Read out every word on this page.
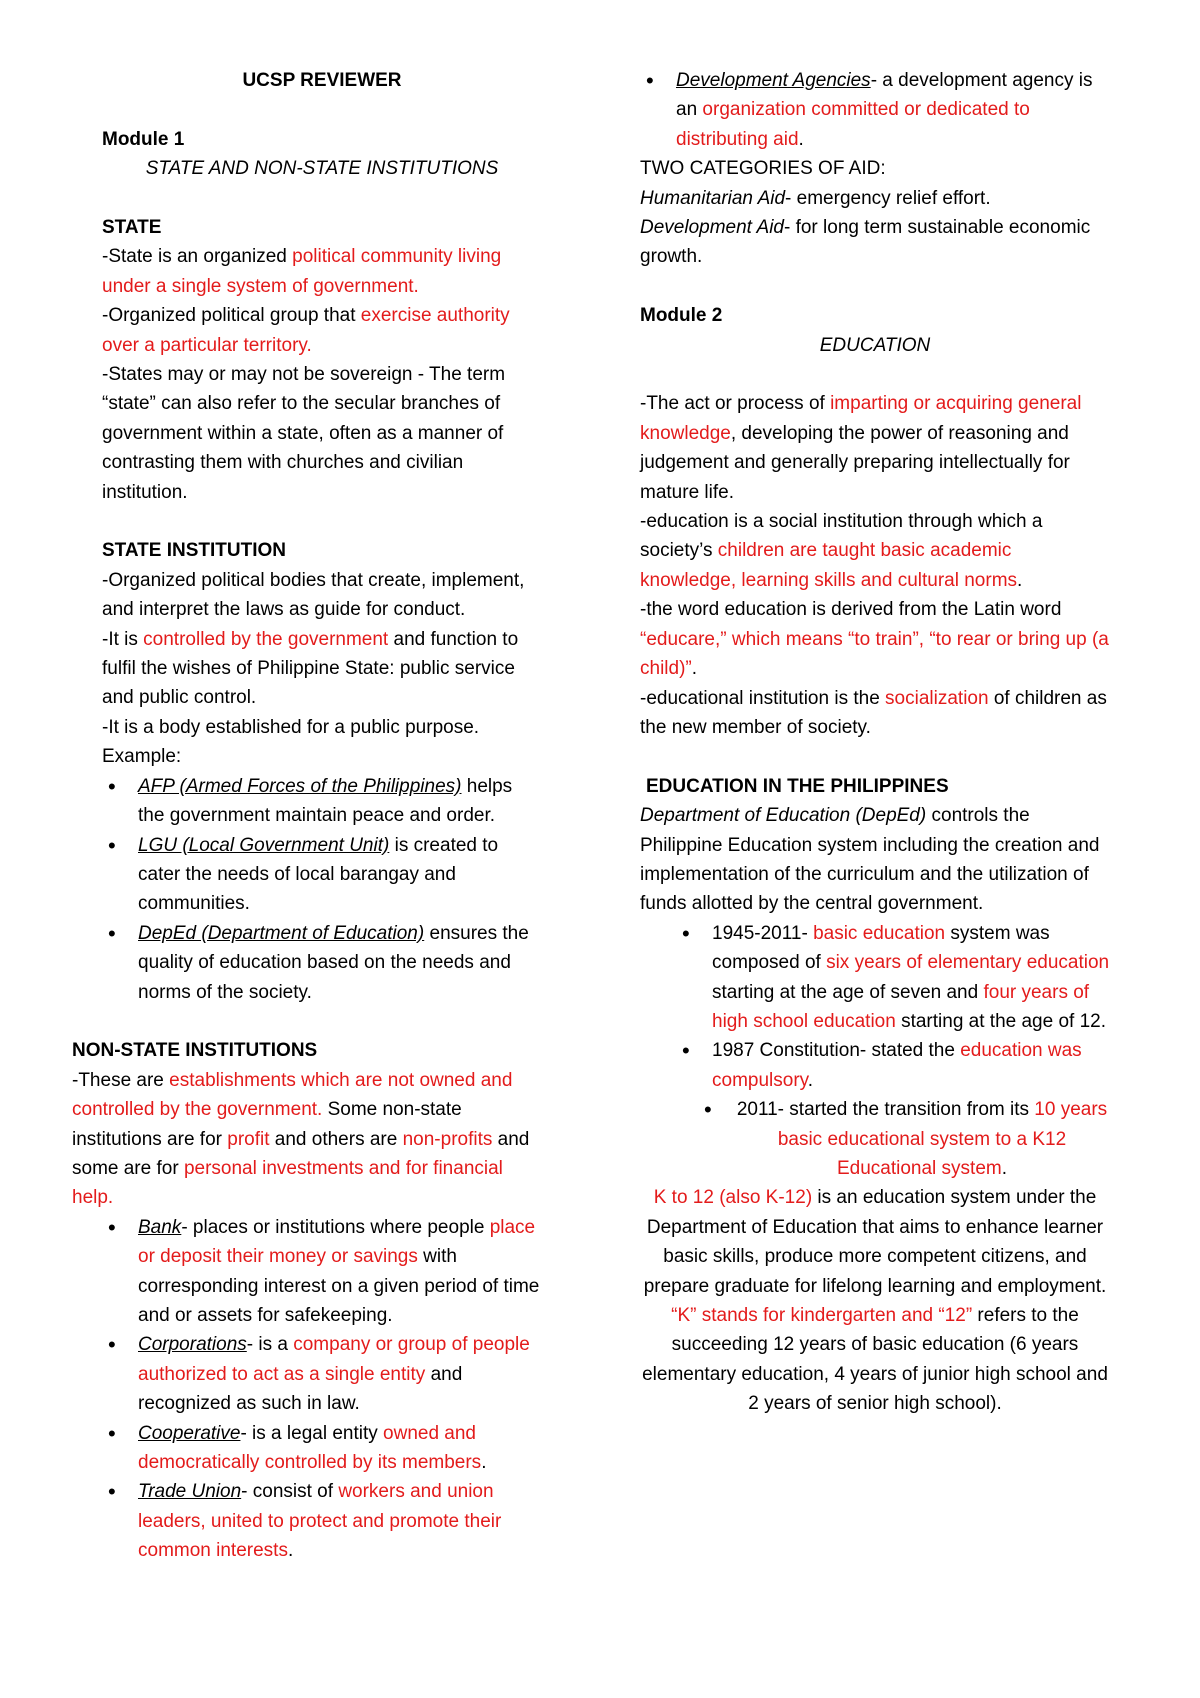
UCSP REVIEWER

Module 1

STATE AND NON-STATE INSTITUTIONS

STATE

-State is an organized political community living under a single system of government.

-Organized political group that exercise authority over a particular territory.

-States may or may not be sovereign - The term “state” can also refer to the secular branches of government within a state, often as a manner of contrasting them with churches and civilian institution.

STATE INSTITUTION

-Organized political bodies that create, implement, and interpret the laws as guide for conduct.

-It is controlled by the government and function to fulfil the wishes of Philippine State: public service and public control.

-It is a body established for a public purpose.

Example:

• AFP (Armed Forces of the Philippines) helps the government maintain peace and order.
• LGU (Local Government Unit) is created to cater the needs of local barangay and communities.
• DepEd (Department of Education) ensures the quality of education based on the needs and norms of the society.

NON-STATE INSTITUTIONS

-These are establishments which are not owned and controlled by the government. Some non-state institutions are for profit and others are non-profits and some are for personal investments and for financial help.

• Bank- places or institutions where people place or deposit their money or savings with corresponding interest on a given period of time and or assets for safekeeping.
• Corporations- is a company or group of people authorized to act as a single entity and recognized as such in law.
• Cooperative- is a legal entity owned and democratically controlled by its members.
• Trade Union- consist of workers and union leaders, united to protect and promote their common interests.
• Development Agencies- a development agency is an organization committed or dedicated to distributing aid.

TWO CATEGORIES OF AID:

Humanitarian Aid- emergency relief effort.

Development Aid- for long term sustainable economic growth.

Module 2

EDUCATION

-The act or process of imparting or acquiring general knowledge, developing the power of reasoning and judgement and generally preparing intellectually for mature life.

-education is a social institution through which a society’s children are taught basic academic knowledge, learning skills and cultural norms.

-the word education is derived from the Latin word “educare,” which means “to train”, “to rear or bring up (a child)”.

-educational institution is the socialization of children as the new member of society.

EDUCATION IN THE PHILIPPINES

Department of Education (DepEd) controls the Philippine Education system including the creation and implementation of the curriculum and the utilization of funds allotted by the central government.

• 1945-2011- basic education system was composed of six years of elementary education starting at the age of seven and four years of high school education starting at the age of 12.
• 1987 Constitution- stated the education was compulsory.
• 2011- started the transition from its 10 years basic educational system to a K12 Educational system.

K to 12 (also K-12) is an education system under the Department of Education that aims to enhance learner basic skills, produce more competent citizens, and prepare graduate for lifelong learning and employment. “K” stands for kindergarten and “12” refers to the succeeding 12 years of basic education (6 years elementary education, 4 years of junior high school and 2 years of senior high school).
